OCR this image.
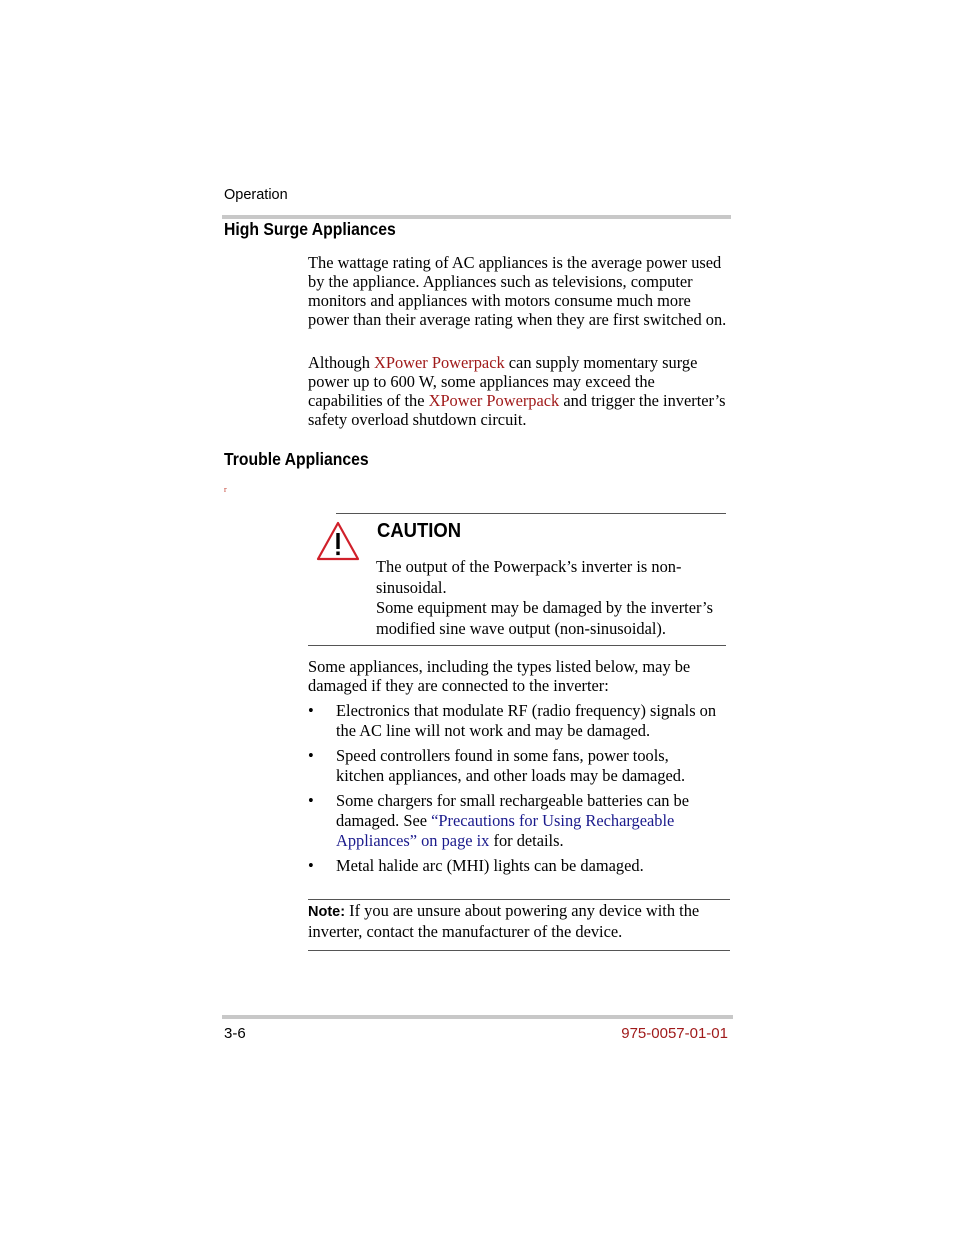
Operation
High Surge Appliances

The wattage rating of AC appliances is the average power used by the appliance. Appliances such as televisions, computer monitors and appliances with motors consume much more power than their average rating when they are first switched on.

Although XPower Powerpack can supply momentary surge power up to 600 W, some appliances may exceed the capabilities of the XPower Powerpack and trigger the inverter’s safety overload shutdown circuit.

Trouble Appliances
r
CAUTION

The output of the Powerpack’s inverter is non-sinusoidal.

Some equipment may be damaged by the inverter’s modified sine wave output (non-sinusoidal).

Some appliances, including the types listed below, may be damaged if they are connected to the inverter:

• Electronics that modulate RF (radio frequency) signals on the AC line will not work and may be damaged.

• Speed controllers found in some fans, power tools, kitchen appliances, and other loads may be damaged.

• Some chargers for small rechargeable batteries can be damaged. See “Precautions for Using Rechargeable Appliances” on page ix for details.

• Metal halide arc (MHI) lights can be damaged.

Note: If you are unsure about powering any device with the inverter, contact the manufacturer of the device.

3-6	975-0057-01-01
